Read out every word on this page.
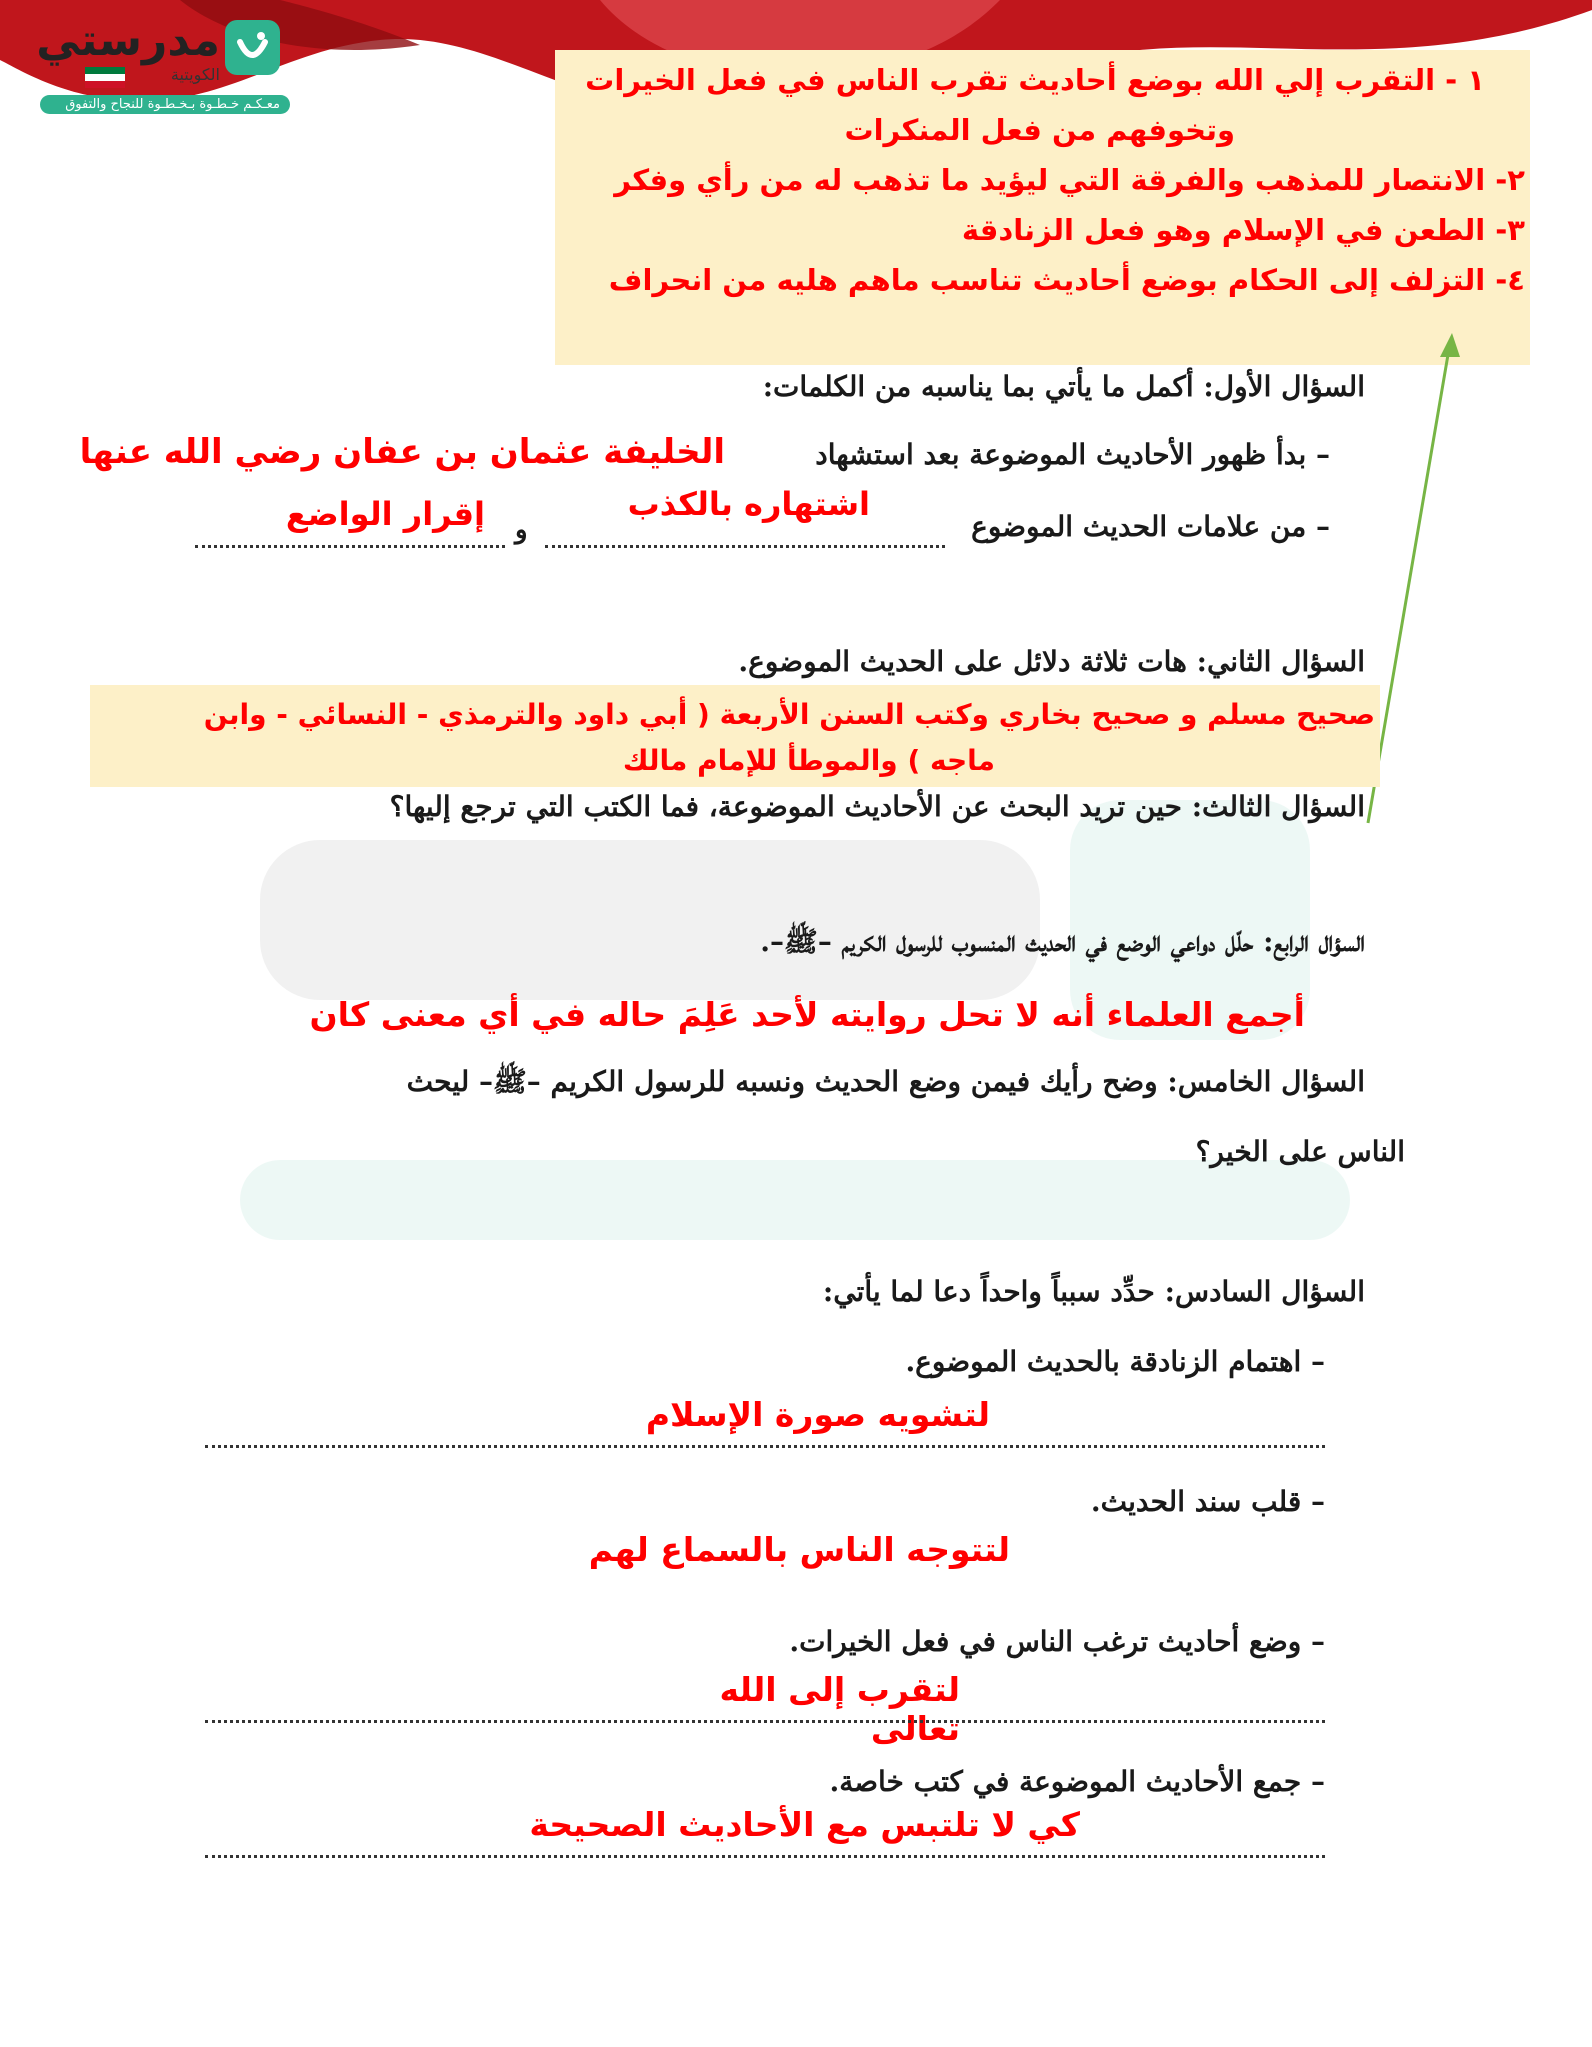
مدرستي
الكويتية
معـكـم خـطـوة بـخـطـوة للنجاح والتفوق
١ - التقرب إلي الله بوضع أحاديث تقرب الناس في فعل الخيرات
وتخوفهم من فعل المنكرات
٢- الانتصار للمذهب والفرقة التي ليؤيد ما تذهب له من رأي وفكر
٣- الطعن في الإسلام وهو فعل الزنادقة
٤- التزلف إلى الحكام بوضع أحاديث تناسب ماهم هليه من انحراف
السؤال الأول: أكمل ما يأتي بما يناسبه من الكلمات:
– بدأ ظهور الأحاديث الموضوعة بعد استشهاد
الخليفة عثمان بن عفان رضي الله عنها
– من علامات الحديث الموضوع
و
اشتهاره بالكذب
إقرار الواضع
السؤال الثاني: هات ثلاثة دلائل على الحديث الموضوع.
صحيح مسلم و صحيح بخاري وكتب السنن الأربعة ( أبي داود والترمذي - النسائي - وابن
ماجه ) والموطأ للإمام مالك
السؤال الثالث: حين تريد البحث عن الأحاديث الموضوعة، فما الكتب التي ترجع إليها؟
السؤال الرابع: حلّل دواعي الوضع في الحديث المنسوب للرسول الكريم –ﷺ–.
أجمع العلماء أنه لا تحل روايته لأحد عَلِمَ حاله في أي معنى كان
السؤال الخامس: وضح رأيك فيمن وضع الحديث ونسبه للرسول الكريم –ﷺ– ليحث
الناس على الخير؟
السؤال السادس: حدِّد سبباً واحداً دعا لما يأتي:
– اهتمام الزنادقة بالحديث الموضوع.
لتشويه صورة الإسلام
– قلب سند الحديث.
لتتوجه الناس بالسماع لهم
– وضع أحاديث ترغب الناس في فعل الخيرات.
لتقرب إلى الله تعالى
– جمع الأحاديث الموضوعة في كتب خاصة.
كي لا تلتبس مع الأحاديث الصحيحة
